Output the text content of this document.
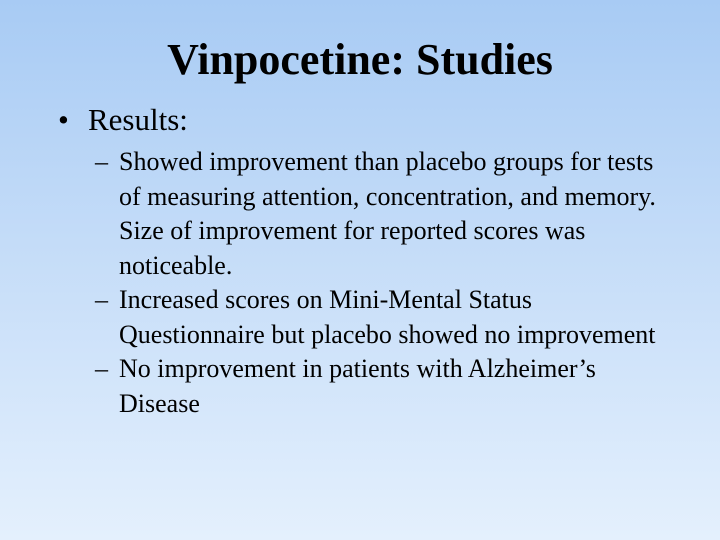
Vinpocetine: Studies
• Results:
– Showed improvement than placebo groups for tests of measuring attention, concentration, and memory. Size of improvement for reported scores was noticeable.
– Increased scores on Mini-Mental Status Questionnaire but placebo showed no improvement
– No improvement in patients with Alzheimer’s Disease
